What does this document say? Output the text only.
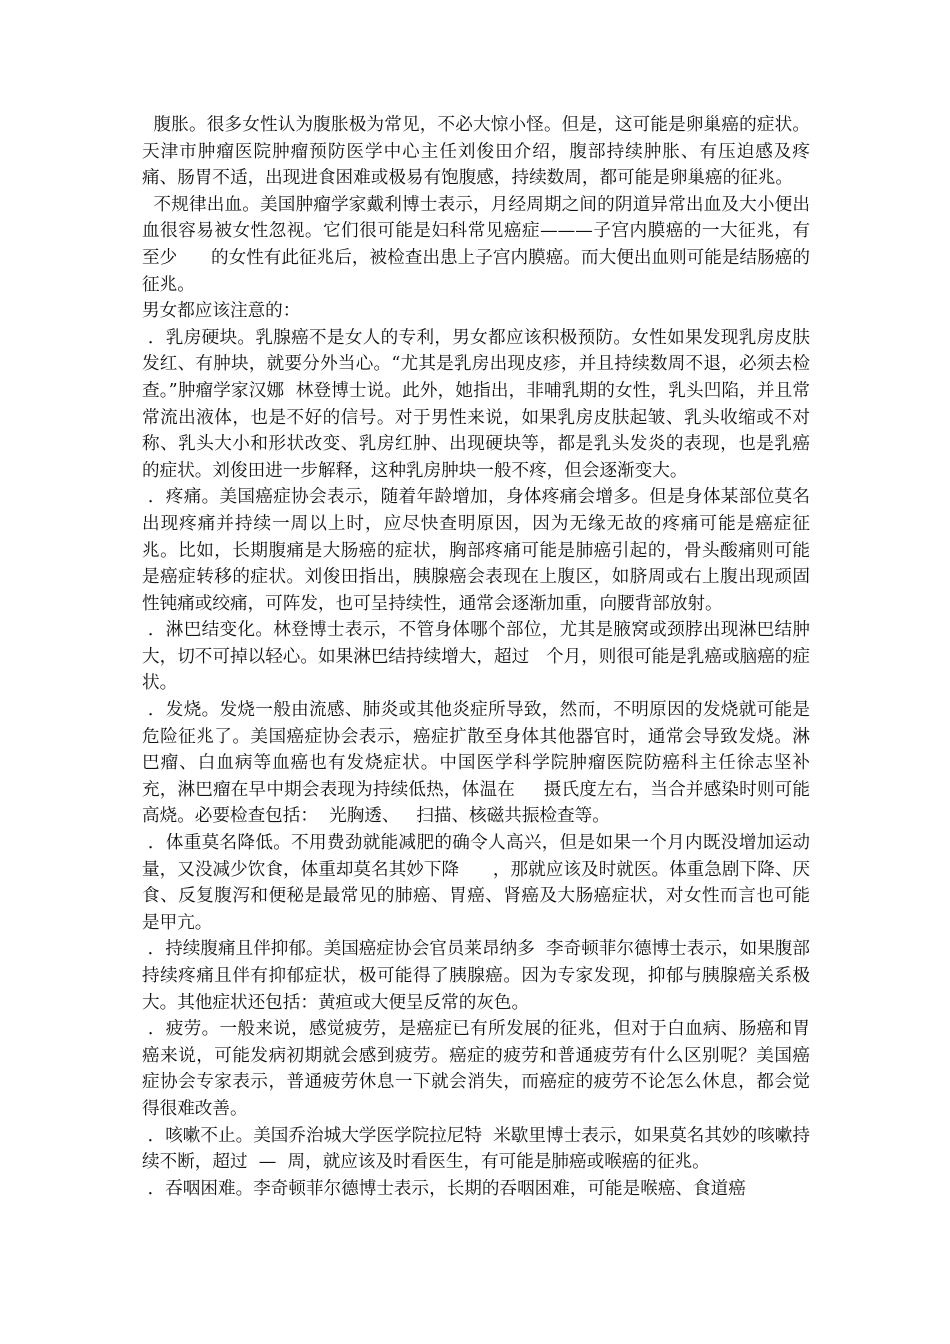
腹胀。很多女性认为腹胀极为常见，不必大惊小怪。但是，这可能是卵巢癌的症状。天津市肿瘤医院肿瘤预防医学中心主任刘俊田介绍，腹部持续肿胀、有压迫感及疼痛、肠胃不适，出现进食困难或极易有饱腹感，持续数周，都可能是卵巢癌的征兆。

不规律出血。美国肿瘤学家戴利博士表示，月经周期之间的阴道异常出血及大小便出血很容易被女性忽视。它们很可能是妇科常见癌症———子宫内膜癌的一大征兆，有至少      的女性有此征兆后，被检查出患上子宫内膜癌。而大便出血则可能是结肠癌的征兆。

男女都应该注意的：

．乳房硬块。乳腺癌不是女人的专利，男女都应该积极预防。女性如果发现乳房皮肤发红、有肿块，就要分外当心。“尤其是乳房出现皮疹，并且持续数周不退，必须去检查。”肿瘤学家汉娜  林登博士说。此外，她指出，非哺乳期的女性，乳头凹陷，并且常常流出液体，也是不好的信号。对于男性来说，如果乳房皮肤起皱、乳头收缩或不对称、乳头大小和形状改变、乳房红肿、出现硬块等，都是乳头发炎的表现，也是乳癌的症状。刘俊田进一步解释，这种乳房肿块一般不疼，但会逐渐变大。

．疼痛。美国癌症协会表示，随着年龄增加，身体疼痛会增多。但是身体某部位莫名出现疼痛并持续一周以上时，应尽快查明原因，因为无缘无故的疼痛可能是癌症征兆。比如，长期腹痛是大肠癌的症状，胸部疼痛可能是肺癌引起的，骨头酸痛则可能是癌症转移的症状。刘俊田指出，胰腺癌会表现在上腹区，如脐周或右上腹出现顽固性钝痛或绞痛，可阵发，也可呈持续性，通常会逐渐加重，向腰背部放射。

．淋巴结变化。林登博士表示，不管身体哪个部位，尤其是腋窝或颈脖出现淋巴结肿大，切不可掉以轻心。如果淋巴结持续增大，超过   个月，则很可能是乳癌或脑癌的症状。

．发烧。发烧一般由流感、肺炎或其他炎症所导致，然而，不明原因的发烧就可能是危险征兆了。美国癌症协会表示，癌症扩散至身体其他器官时，通常会导致发烧。淋巴瘤、白血病等血癌也有发烧症状。中国医学科学院肿瘤医院防癌科主任徐志坚补充，淋巴瘤在早中期会表现为持续低热，体温在     摄氏度左右，当合并感染时则可能高烧。必要检查包括：  光胸透、   扫描、核磁共振检查等。

．体重莫名降低。不用费劲就能减肥的确令人高兴，但是如果一个月内既没增加运动量，又没减少饮食，体重却莫名其妙下降      ，那就应该及时就医。体重急剧下降、厌食、反复腹泻和便秘是最常见的肺癌、胃癌、肾癌及大肠癌症状，对女性而言也可能是甲亢。

．持续腹痛且伴抑郁。美国癌症协会官员莱昂纳多  李奇顿菲尔德博士表示，如果腹部持续疼痛且伴有抑郁症状，极可能得了胰腺癌。因为专家发现，抑郁与胰腺癌关系极大。其他症状还包括：黄疸或大便呈反常的灰色。

．疲劳。一般来说，感觉疲劳，是癌症已有所发展的征兆，但对于白血病、肠癌和胃癌来说，可能发病初期就会感到疲劳。癌症的疲劳和普通疲劳有什么区别呢？美国癌症协会专家表示，普通疲劳休息一下就会消失，而癌症的疲劳不论怎么休息，都会觉得很难改善。

．咳嗽不止。美国乔治城大学医学院拉尼特  米歇里博士表示，如果莫名其妙的咳嗽持续不断，超过  —  周，就应该及时看医生，有可能是肺癌或喉癌的征兆。

．吞咽困难。李奇顿菲尔德博士表示，长期的吞咽困难，可能是喉癌、食道癌
